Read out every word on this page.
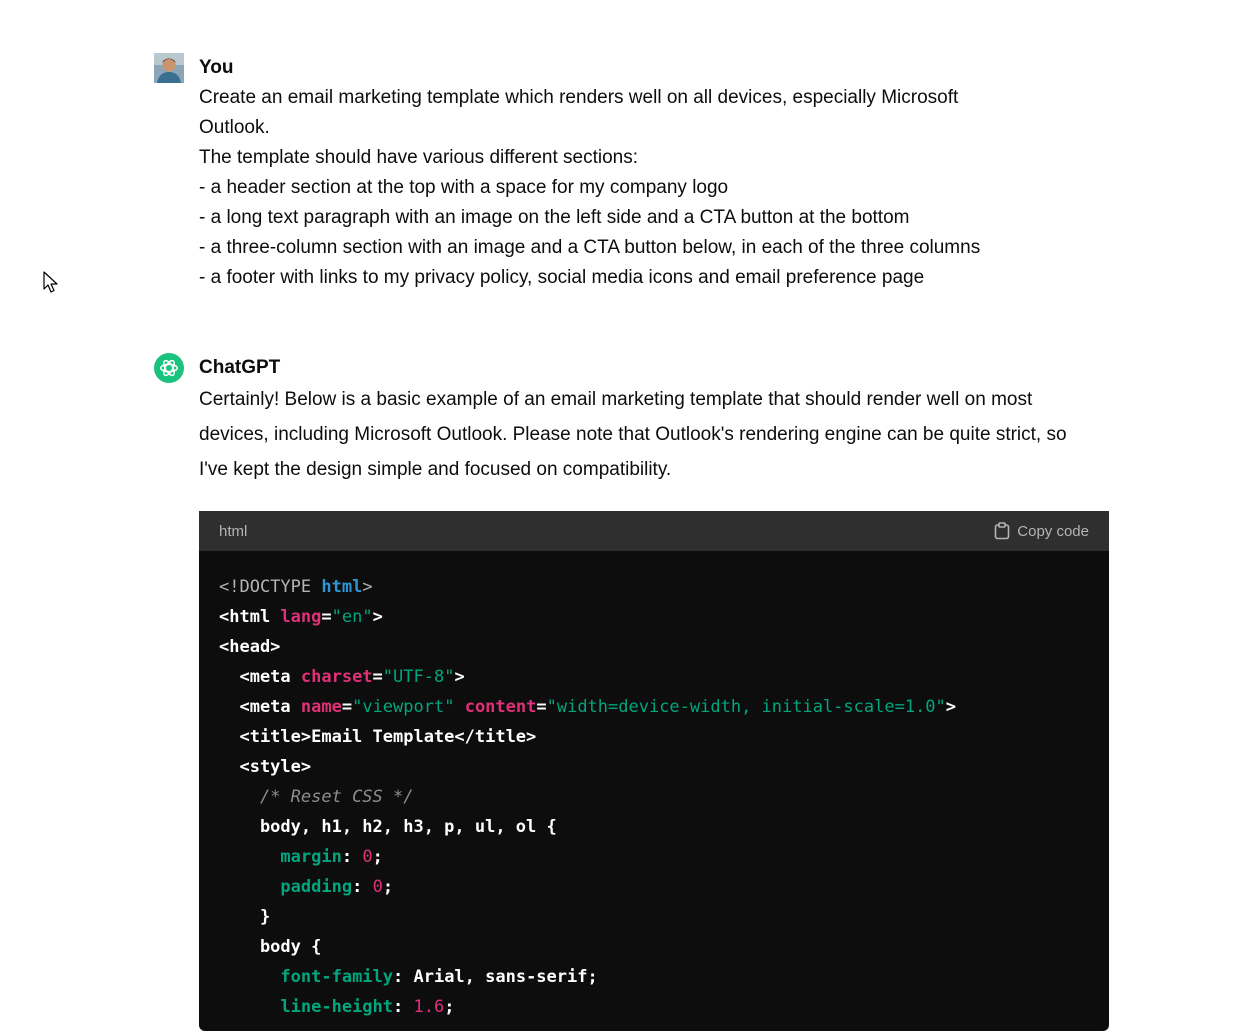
You
Create an email marketing template which renders well on all devices, especially Microsoft
Outlook.
The template should have various different sections:
- a header section at the top with a space for my company logo
- a long text paragraph with an image on the left side and a CTA button at the bottom
- a three-column section with an image and a CTA button below, in each of the three columns
- a footer with links to my privacy policy, social media icons and email preference page
ChatGPT
Certainly! Below is a basic example of an email marketing template that should render well on most devices, including Microsoft Outlook. Please note that Outlook's rendering engine can be quite strict, so I've kept the design simple and focused on compatibility.
html	Copy code
<!DOCTYPE html>
<html lang="en">
<head>
<meta charset="UTF-8">
<meta name="viewport" content="width=device-width, initial-scale=1.0">
<title>Email Template</title>
<style>
/* Reset CSS */
body, h1, h2, h3, p, ul, ol {
margin: 0;
padding: 0;
}
body {
font-family: Arial, sans-serif;
line-height: 1.6;
